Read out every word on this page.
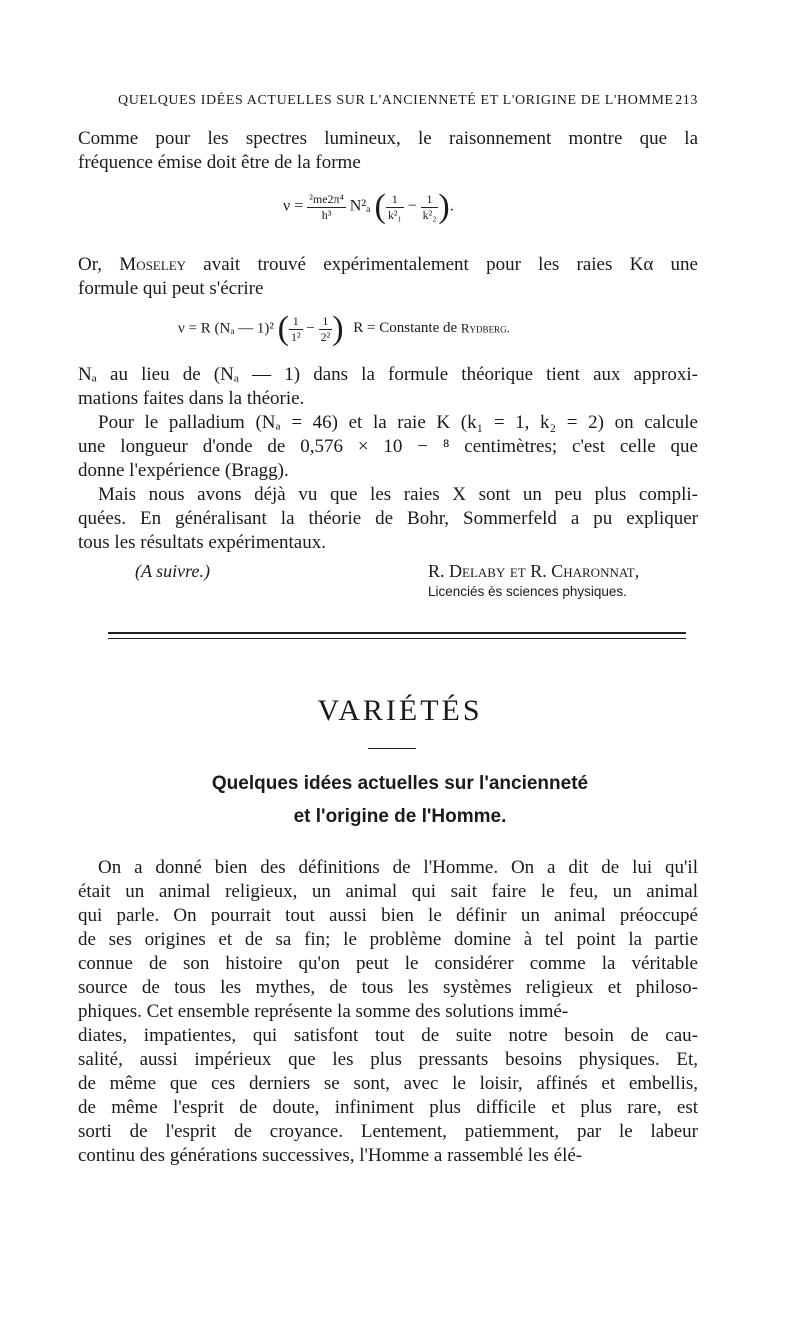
QUELQUES IDÉES ACTUELLES SUR L'ANCIENNETÉ ET L'ORIGINE DE L'HOMME 213
Comme pour les spectres lumineux, le raisonnement montre que la
fréquence émise doit être de la forme
$\nu = \frac{\text{²me2π⁴}}{\text{h³}} N^2_a$ ( $\frac{1}{\text{k²₁}} - \frac{1}{\text{k²₂}}$ ).
Or, Moseley avait trouvé expérimentalement pour les raies Kα une
formule qui peut s'écrire
ν = R (Nₐ — 1)² ( $\frac{1}{\text{1²}} - \frac{1}{\text{2²}}$ ) R = Constante de Rydberg.
Nₐ au lieu de (Nₐ — 1) dans la formule théorique tient aux approxi-
mations faites dans la théorie.
Pour le palladium (Nₐ = 46) et la raie K (k₁ = 1, k₂ = 2) on calcule
une longueur d'onde de 0,576 × 10 − ⁸ centimètres; c'est celle que
donne l'expérience (Bragg).
Mais nous avons déjà vu que les raies X sont un peu plus compli-
quées. En généralisant la théorie de Bohr, Sommerfeld a pu expliquer
tous les résultats expérimentaux.
(A suivre.)	R. Delaby et R. Charonnat,
Licenciés ès sciences physiques.
VARIÉTÉS
Quelques idées actuelles sur l'ancienneté
et l'origine de l'Homme.
On a donné bien des définitions de l'Homme. On a dit de lui qu'il
était un animal religieux, un animal qui sait faire le feu, un animal
qui parle. On pourrait tout aussi bien le définir un animal préoccupé
de ses origines et de sa fin; le problème domine à tel point la partie
connue de son histoire qu'on peut le considérer comme la véritable
source de tous les mythes, de tous les systèmes religieux et philoso-
phiques. Cet ensemble représente la somme des solutions immé-
diates, impatientes, qui satisfont tout de suite notre besoin de cau-
salité, aussi impérieux que les plus pressants besoins physiques. Et,
de même que ces derniers se sont, avec le loisir, affinés et embellis,
de même l'esprit de doute, infiniment plus difficile et plus rare, est
sorti de l'esprit de croyance. Lentement, patiemment, par le labeur
continu des générations successives, l'Homme a rassemblé les élé-
